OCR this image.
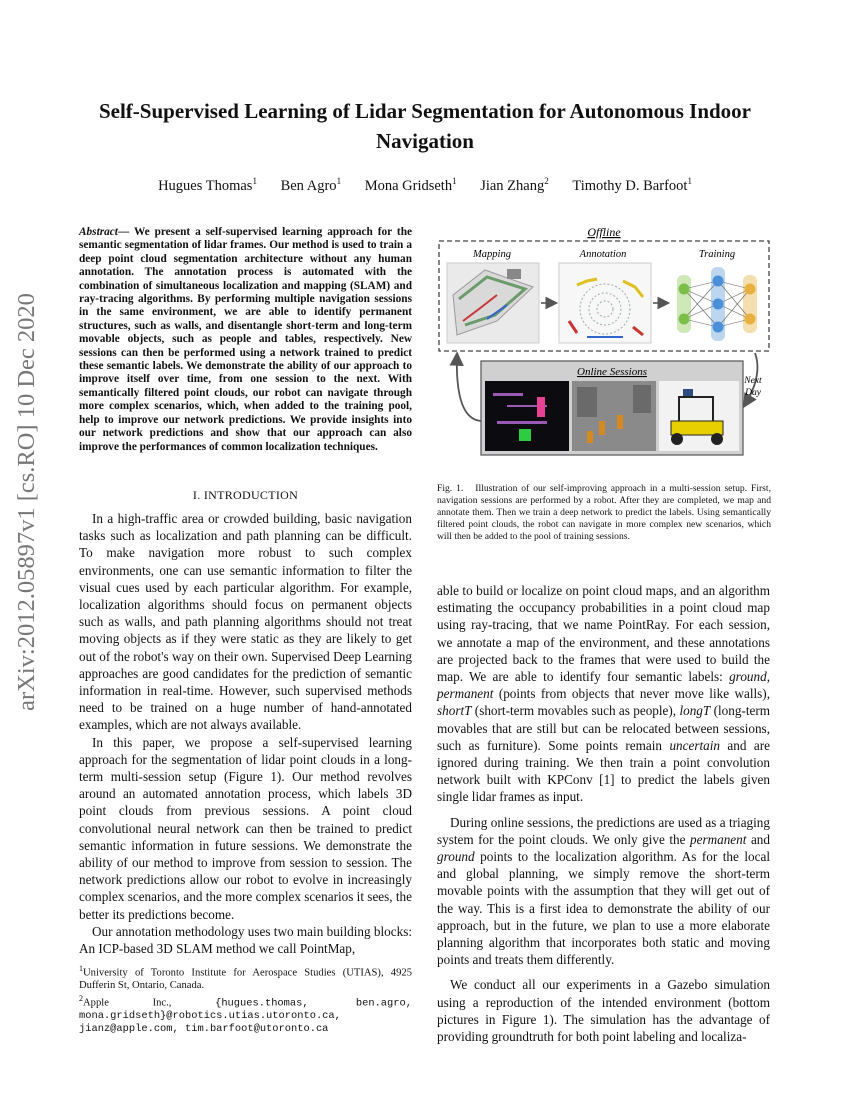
Self-Supervised Learning of Lidar Segmentation for Autonomous Indoor Navigation
Hugues Thomas$^1$ Ben Agro$^1$ Mona Gridseth$^1$ Jian Zhang$^2$ Timothy D. Barfoot$^1$
arXiv:2012.05897v1 [cs.RO] 10 Dec 2020
Abstract— We present a self-supervised learning approach for the semantic segmentation of lidar frames. Our method is used to train a deep point cloud segmentation architecture without any human annotation. The annotation process is automated with the combination of simultaneous localization and mapping (SLAM) and ray-tracing algorithms. By performing multiple navigation sessions in the same environment, we are able to identify permanent structures, such as walls, and disentangle short-term and long-term movable objects, such as people and tables, respectively. New sessions can then be performed using a network trained to predict these semantic labels. We demonstrate the ability of our approach to improve itself over time, from one session to the next. With semantically filtered point clouds, our robot can navigate through more complex scenarios, which, when added to the training pool, help to improve our network predictions. We provide insights into our network predictions and show that our approach can also improve the performances of common localization techniques.
I. INTRODUCTION

In a high-traffic area or crowded building, basic navigation tasks such as localization and path planning can be difficult. To make navigation more robust to such complex environments, one can use semantic information to filter the visual cues used by each particular algorithm. For example, localization algorithms should focus on permanent objects such as walls, and path planning algorithms should not treat moving objects as if they were static as they are likely to get out of the robot's way on their own. Supervised Deep Learning approaches are good candidates for the prediction of semantic information in real-time. However, such supervised methods need to be trained on a huge number of hand-annotated examples, which are not always available.

In this paper, we propose a self-supervised learning approach for the segmentation of lidar point clouds in a long-term multi-session setup (Figure 1). Our method revolves around an automated annotation process, which labels 3D point clouds from previous sessions. A point cloud convolutional neural network can then be trained to predict semantic information in future sessions. We demonstrate the ability of our method to improve from session to session. The network predictions allow our robot to evolve in increasingly complex scenarios, and the more complex scenarios it sees, the better its predictions become.

Our annotation methodology uses two main building blocks: An ICP-based 3D SLAM method we call PointMap,

$^1$University of Toronto Institute for Aerospace Studies (UTIAS), 4925 Dufferin St, Ontario, Canada.
$^2$Apple Inc.,	{hugues.thomas, ben.agro, mona.gridseth}@robotics.utias.utoronto.ca, jianz@apple.com, tim.barfoot@utoronto.ca
Offline
Mapping	Annotation	Training
Online Sessions
Next
Day
Fig. 1. Illustration of our self-improving approach in a multi-session setup. First, navigation sessions are performed by a robot. After they are completed, we map and annotate them. Then we train a deep network to predict the labels. Using semantically filtered point clouds, the robot can navigate in more complex new scenarios, which will then be added to the pool of training sessions.

able to build or localize on point cloud maps, and an algorithm estimating the occupancy probabilities in a point cloud map using ray-tracing, that we name PointRay. For each session, we annotate a map of the environment, and these annotations are projected back to the frames that were used to build the map. We are able to identify four semantic labels: ground, permanent (points from objects that never move like walls), shortT (short-term movables such as people), longT (long-term movables that are still but can be relocated between sessions, such as furniture). Some points remain uncertain and are ignored during training. We then train a point convolution network built with KPConv [1] to predict the labels given single lidar frames as input.

During online sessions, the predictions are used as a triaging system for the point clouds. We only give the permanent and ground points to the localization algorithm. As for the local and global planning, we simply remove the short-term movable points with the assumption that they will get out of the way. This is a first idea to demonstrate the ability of our approach, but in the future, we plan to use a more elaborate planning algorithm that incorporates both static and moving points and treats them differently.

We conduct all our experiments in a Gazebo simulation using a reproduction of the intended environment (bottom pictures in Figure 1). The simulation has the advantage of providing groundtruth for both point labeling and localiza-
